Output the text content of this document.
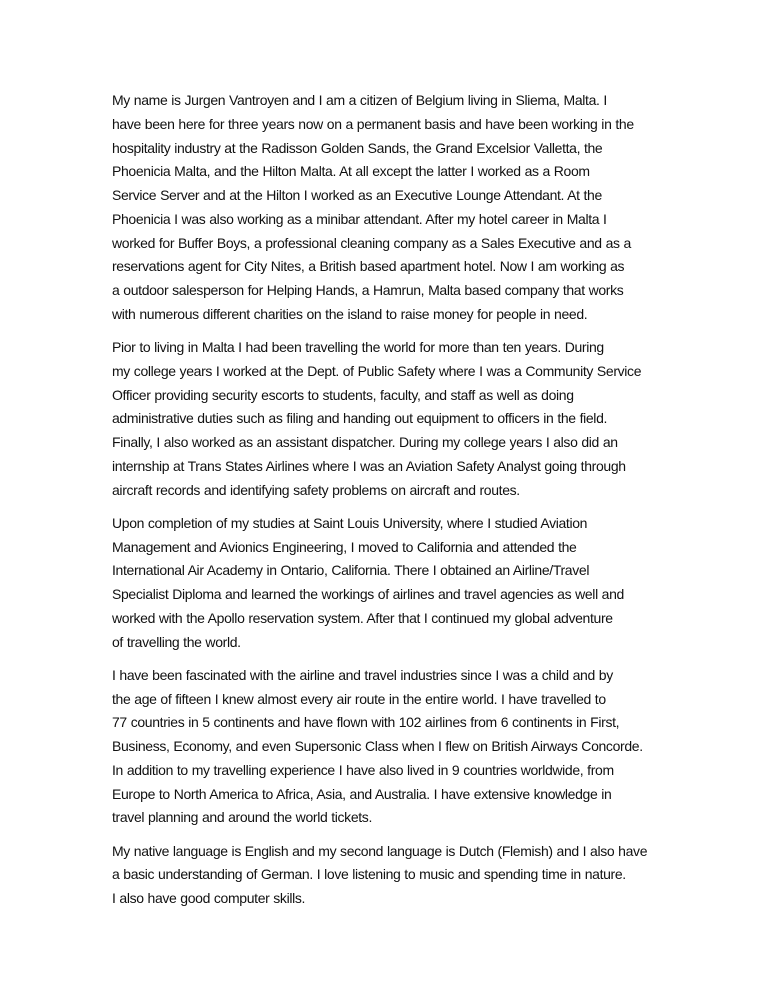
My name is Jurgen Vantroyen and I am a citizen of Belgium living in Sliema, Malta. I
have been here for three years now on a permanent basis and have been working in the
hospitality industry at the Radisson Golden Sands, the Grand Excelsior Valletta, the
Phoenicia Malta, and the Hilton Malta. At all except the latter I worked as a Room
Service Server and at the Hilton I worked as an Executive Lounge Attendant. At the
Phoenicia I was also working as a minibar attendant. After my hotel career in Malta I
worked for Buffer Boys, a professional cleaning company as a Sales Executive and as a
reservations agent for City Nites, a British based apartment hotel. Now I am working as
a outdoor salesperson for Helping Hands, a Hamrun, Malta based company that works
with numerous different charities on the island to raise money for people in need.

Pior to living in Malta I had been travelling the world for more than ten years. During
my college years I worked at the Dept. of Public Safety where I was a Community Service
Officer providing security escorts to students, faculty, and staff as well as doing
administrative duties such as filing and handing out equipment to officers in the field.
Finally, I also worked as an assistant dispatcher. During my college years I also did an
internship at Trans States Airlines where I was an Aviation Safety Analyst going through
aircraft records and identifying safety problems on aircraft and routes.

Upon completion of my studies at Saint Louis University, where I studied Aviation
Management and Avionics Engineering, I moved to California and attended the
International Air Academy in Ontario, California. There I obtained an Airline/Travel
Specialist Diploma and learned the workings of airlines and travel agencies as well and
worked with the Apollo reservation system. After that I continued my global adventure
of travelling the world.

I have been fascinated with the airline and travel industries since I was a child and by
the age of fifteen I knew almost every air route in the entire world. I have travelled to
77 countries in 5 continents and have flown with 102 airlines from 6 continents in First,
Business, Economy, and even Supersonic Class when I flew on British Airways Concorde.
In addition to my travelling experience I have also lived in 9 countries worldwide, from
Europe to North America to Africa, Asia, and Australia. I have extensive knowledge in
travel planning and around the world tickets.

My native language is English and my second language is Dutch (Flemish) and I also have
a basic understanding of German. I love listening to music and spending time in nature.
I also have good computer skills.
